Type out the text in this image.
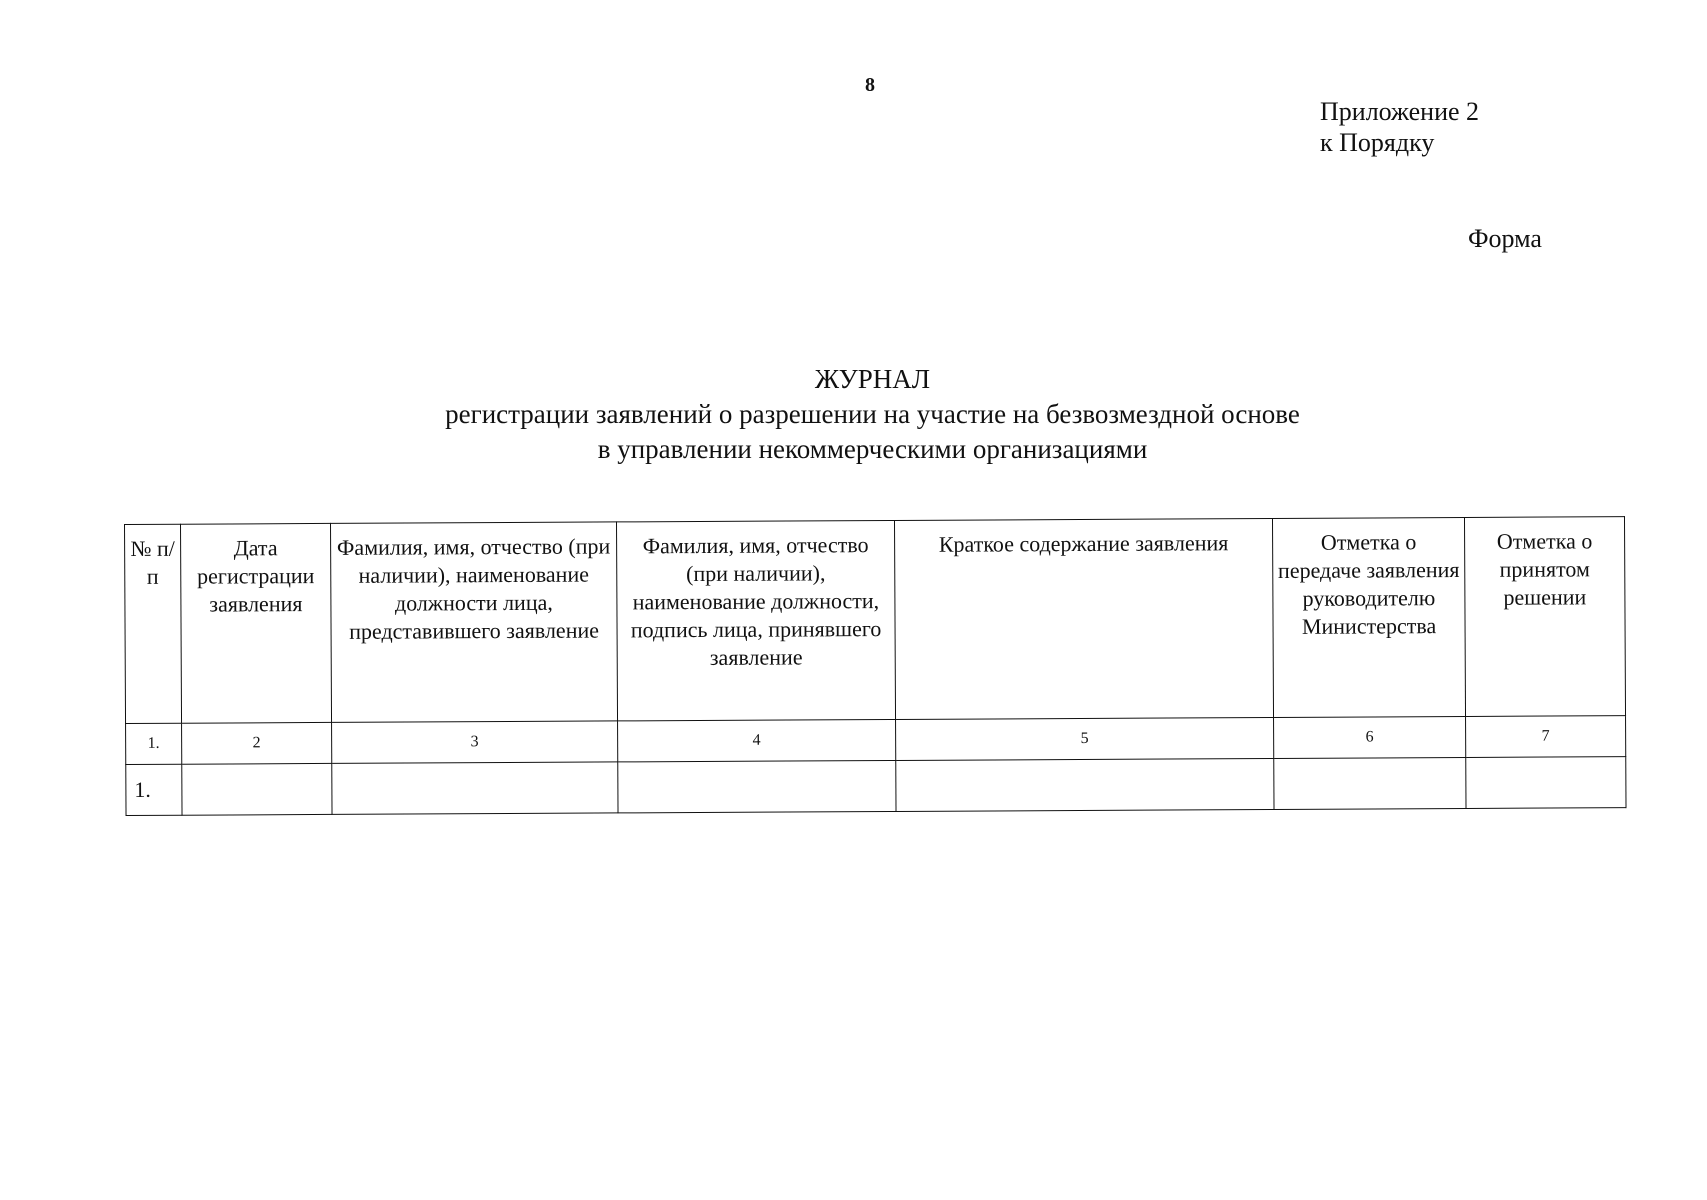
8
Приложение 2
к Порядку
Форма
ЖУРНАЛ
регистрации заявлений о разрешении на участие на безвозмездной основе
в управлении некоммерческими организациями
№ п/п	Дата регистрации заявления	Фамилия, имя, отчество (при наличии), наименование должности лица, представившего заявление	Фамилия, имя, отчество (при наличии), наименование должности, подпись лица, принявшего заявление	Краткое содержание заявления	Отметка о передаче заявления руководителю Министерства	Отметка о принятом решении
1.	2	3	4	5	6	7
1.						
